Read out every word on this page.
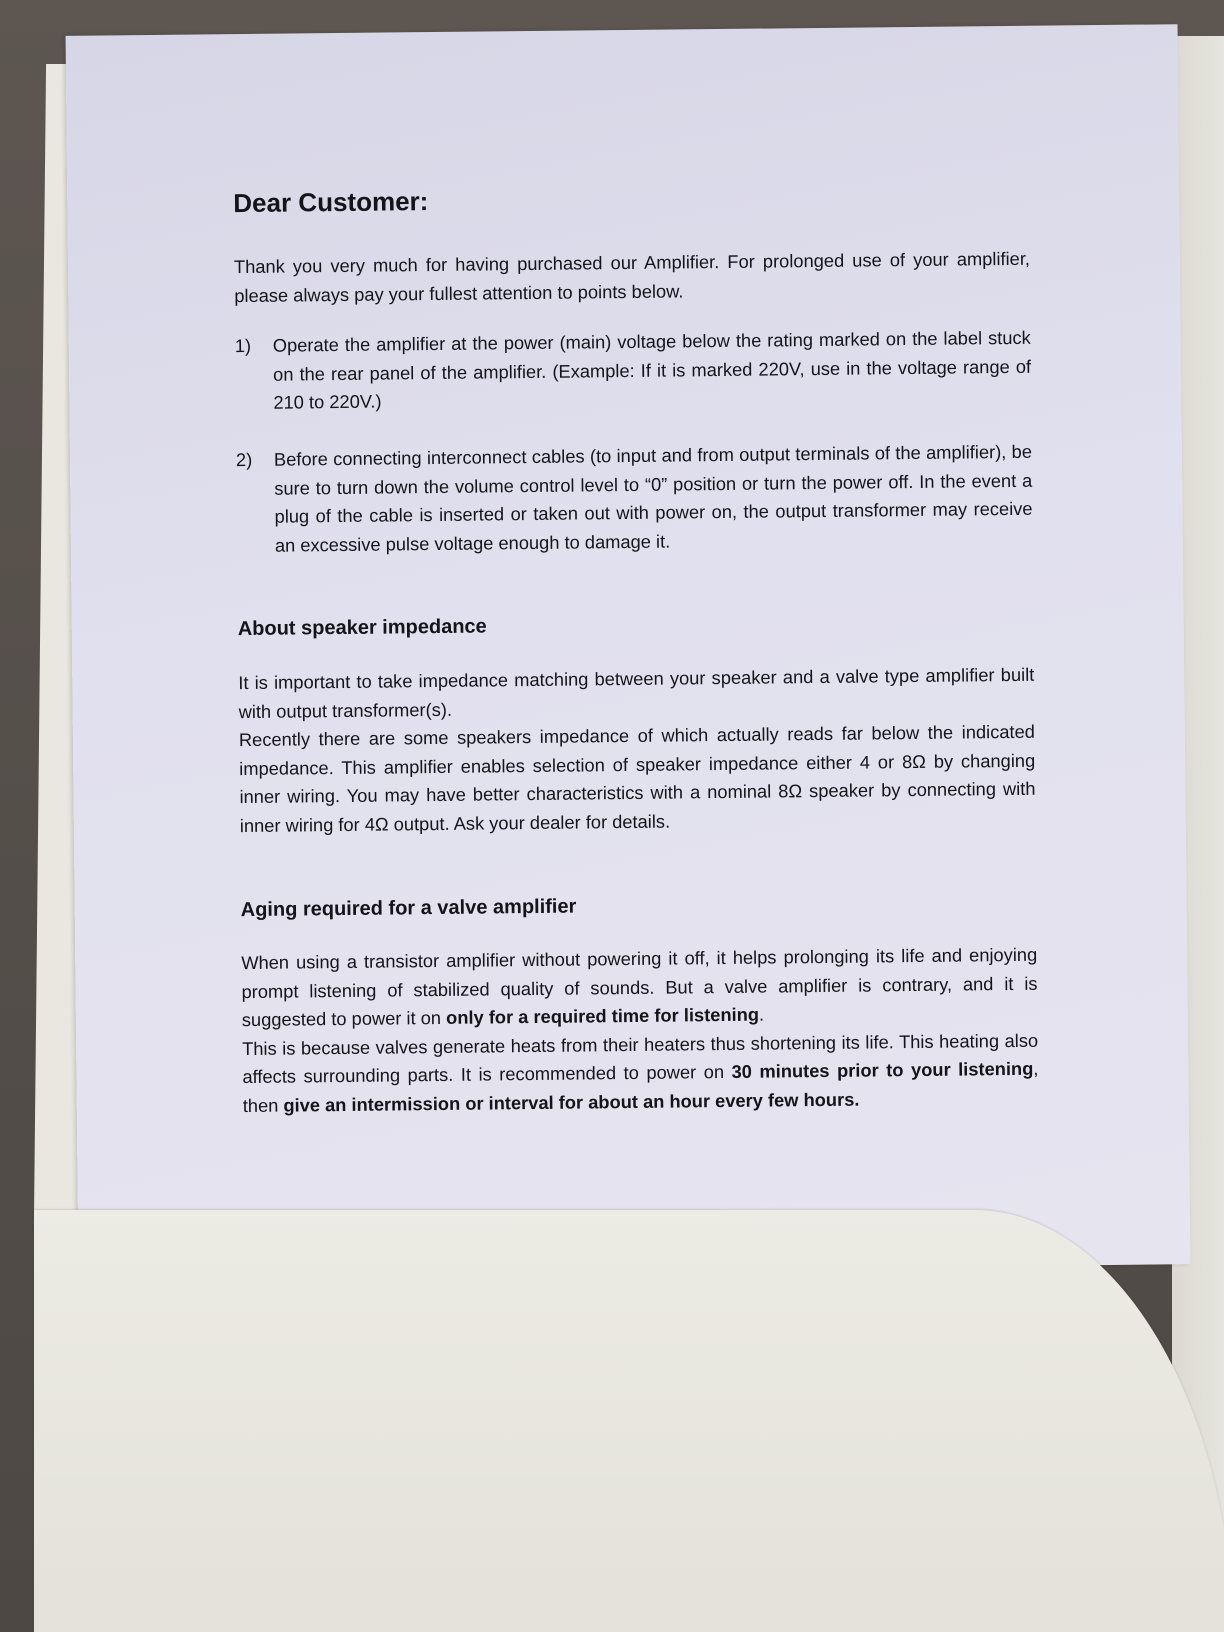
Dear Customer:
Thank you very much for having purchased our Amplifier. For prolonged use of your amplifier, please always pay your fullest attention to points below.
1)	Operate the amplifier at the power (main) voltage below the rating marked on the label stuck on the rear panel of the amplifier. (Example: If it is marked 220V, use in the voltage range of 210 to 220V.)
2)	Before connecting interconnect cables (to input and from output terminals of the amplifier), be sure to turn down the volume control level to “0” position or turn the power off. In the event a plug of the cable is inserted or taken out with power on, the output transformer may receive an excessive pulse voltage enough to damage it.
About speaker impedance
It is important to take impedance matching between your speaker and a valve type amplifier built with output transformer(s).
Recently there are some speakers impedance of which actually reads far below the indicated impedance. This amplifier enables selection of speaker impedance either 4 or 8Ω by changing inner wiring. You may have better characteristics with a nominal 8Ω speaker by connecting with inner wiring for 4Ω output. Ask your dealer for details.
Aging required for a valve amplifier
When using a transistor amplifier without powering it off, it helps prolonging its life and enjoying prompt listening of stabilized quality of sounds. But a valve amplifier is contrary, and it is suggested to power it on only for a required time for listening.
This is because valves generate heats from their heaters thus shortening its life. This heating also affects surrounding parts. It is recommended to power on 30 minutes prior to your listening, then give an intermission or interval for about an hour every few hours.
